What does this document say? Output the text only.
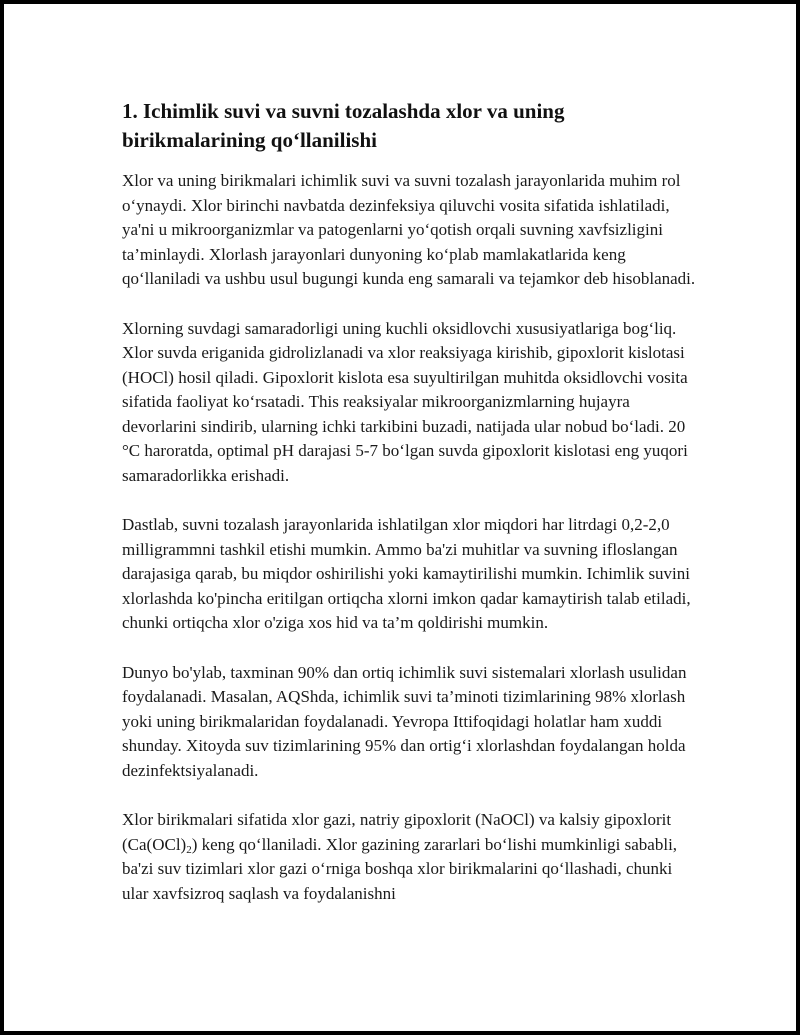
1. Ichimlik suvi va suvni tozalashda xlor va uning birikmalarining qo‘llanilishi

Xlor va uning birikmalari ichimlik suvi va suvni tozalash jarayonlarida muhim rol o‘ynaydi. Xlor birinchi navbatda dezinfeksiya qiluvchi vosita sifatida ishlatiladi, ya'ni u mikroorganizmlar va patogenlarni yo‘qotish orqali suvning xavfsizligini ta’minlaydi. Xlorlash jarayonlari dunyoning ko‘plab mamlakatlarida keng qo‘llaniladi va ushbu usul bugungi kunda eng samarali va tejamkor deb hisoblanadi.

Xlorning suvdagi samaradorligi uning kuchli oksidlovchi xususiyatlariga bog‘liq. Xlor suvda eriganida gidrolizlanadi va xlor reaksiyaga kirishib, gipoxlorit kislotasi (HOCl) hosil qiladi. Gipoxlorit kislota esa suyultirilgan muhitda oksidlovchi vosita sifatida faoliyat ko‘rsatadi. This reaksiyalar mikroorganizmlarning hujayra devorlarini sindirib, ularning ichki tarkibini buzadi, natijada ular nobud bo‘ladi. 20 °C haroratda, optimal pH darajasi 5-7 bo‘lgan suvda gipoxlorit kislotasi eng yuqori samaradorlikka erishadi.

Dastlab, suvni tozalash jarayonlarida ishlatilgan xlor miqdori har litrdagi 0,2-2,0 milligrammni tashkil etishi mumkin. Ammo ba'zi muhitlar va suvning ifloslangan darajasiga qarab, bu miqdor oshirilishi yoki kamaytirilishi mumkin. Ichimlik suvini xlorlashda ko'pincha eritilgan ortiqcha xlorni imkon qadar kamaytirish talab etiladi, chunki ortiqcha xlor o'ziga xos hid va ta’m qoldirishi mumkin.

Dunyo bo'ylab, taxminan 90% dan ortiq ichimlik suvi sistemalari xlorlash usulidan foydalanadi. Masalan, AQShda, ichimlik suvi ta’minoti tizimlarining 98% xlorlash yoki uning birikmalaridan foydalanadi. Yevropa Ittifoqidagi holatlar ham xuddi shunday. Xitoyda suv tizimlarining 95% dan ortig‘i xlorlashdan foydalangan holda dezinfektsiyalanadi.

Xlor birikmalari sifatida xlor gazi, natriy gipoxlorit (NaOCl) va kalsiy gipoxlorit $(Ca(OCl)_2)$ keng qo‘llaniladi. Xlor gazining zararlari bo‘lishi mumkinligi sababli, ba'zi suv tizimlari xlor gazi o‘rniga boshqa xlor birikmalarini qo‘llashadi, chunki ular xavfsizroq saqlash va foydalanishni
